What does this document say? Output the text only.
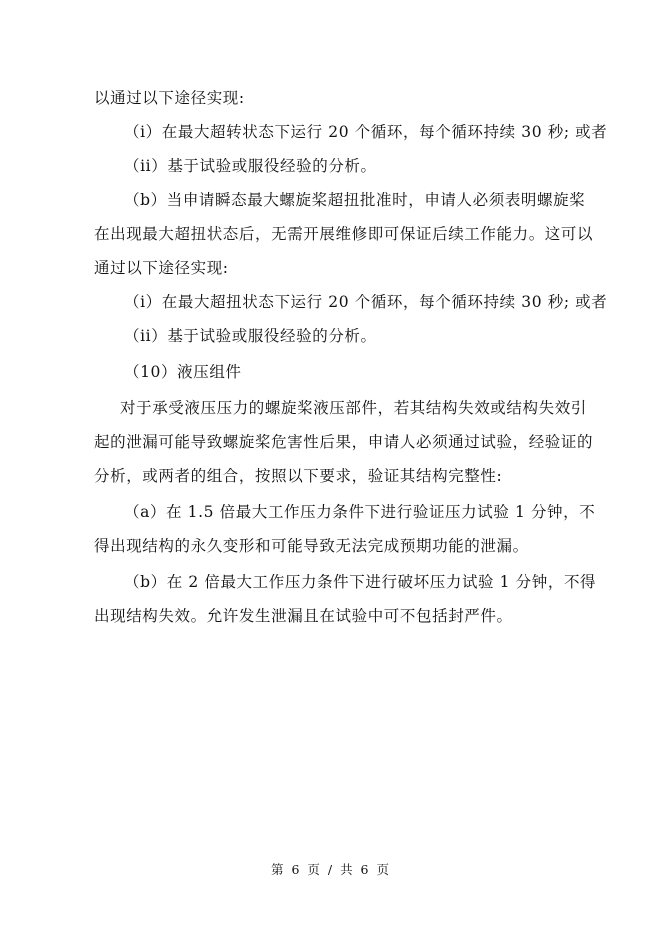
以通过以下途径实现:
（i）在最大超转状态下运行 20 个循环，每个循环持续 30 秒; 或者
（ii）基于试验或服役经验的分析。
（b）当申请瞬态最大螺旋桨超扭批准时，申请人必须表明螺旋桨
在出现最大超扭状态后，无需开展维修即可保证后续工作能力。这可以
通过以下途径实现:
（i）在最大超扭状态下运行 20 个循环，每个循环持续 30 秒; 或者
（ii）基于试验或服役经验的分析。
（10）液压组件
对于承受液压压力的螺旋桨液压部件，若其结构失效或结构失效引
起的泄漏可能导致螺旋桨危害性后果，申请人必须通过试验，经验证的
分析，或两者的组合，按照以下要求，验证其结构完整性:
（a）在 1.5 倍最大工作压力条件下进行验证压力试验 1 分钟，不
得出现结构的永久变形和可能导致无法完成预期功能的泄漏。
（b）在 2 倍最大工作压力条件下进行破坏压力试验 1 分钟，不得
出现结构失效。允许发生泄漏且在试验中可不包括封严件。
第 6 页 / 共 6 页
